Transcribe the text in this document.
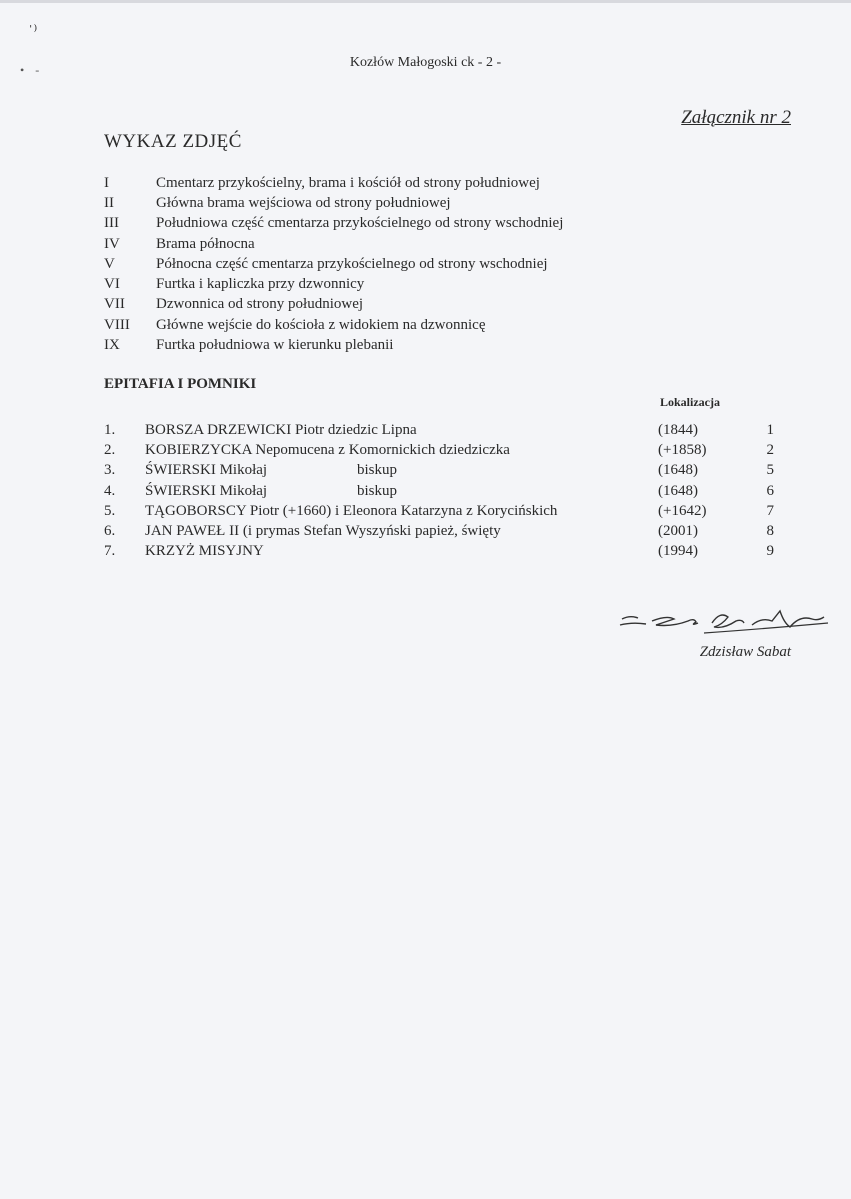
ˈ⁾
• -	Kozłów Małogoski ck - 2 -
Załącznik nr 2
WYKAZ ZDJĘĆ
I	Cmentarz przykościelny, brama i kościół od strony południowej
II	Główna brama wejściowa od strony południowej
III	Południowa część cmentarza przykościelnego od strony wschodniej
IV	Brama północna
V	Północna część cmentarza przykościelnego od strony wschodniej
VI	Furtka i kapliczka przy dzwonnicy
VII	Dzwonnica od strony południowej
VIII	Główne wejście do kościoła z widokiem na dzwonnicę
IX	Furtka południowa w kierunku plebanii
EPITAFIA I POMNIKI
Lokalizacja
1. BORSZA DRZEWICKI Piotr dziedzic Lipna	(1844)	1
2. KOBIERZYCKA Nepomucena z Komornickich dziedziczka	(+1858)	2
3. ŚWIERSKI Mikołaj	biskup	(1648)	5
4. ŚWIERSKI Mikołaj	biskup	(1648)	6
5. TĄGOBORSCY Piotr (+1660) i Eleonora Katarzyna z Korycińskich	(+1642)	7
6. JAN PAWEŁ II (i prymas Stefan Wyszyński papież, święty	(2001)	8
7. KRZYŻ MISYJNY	(1994)	9
Zdzisław Sabat
